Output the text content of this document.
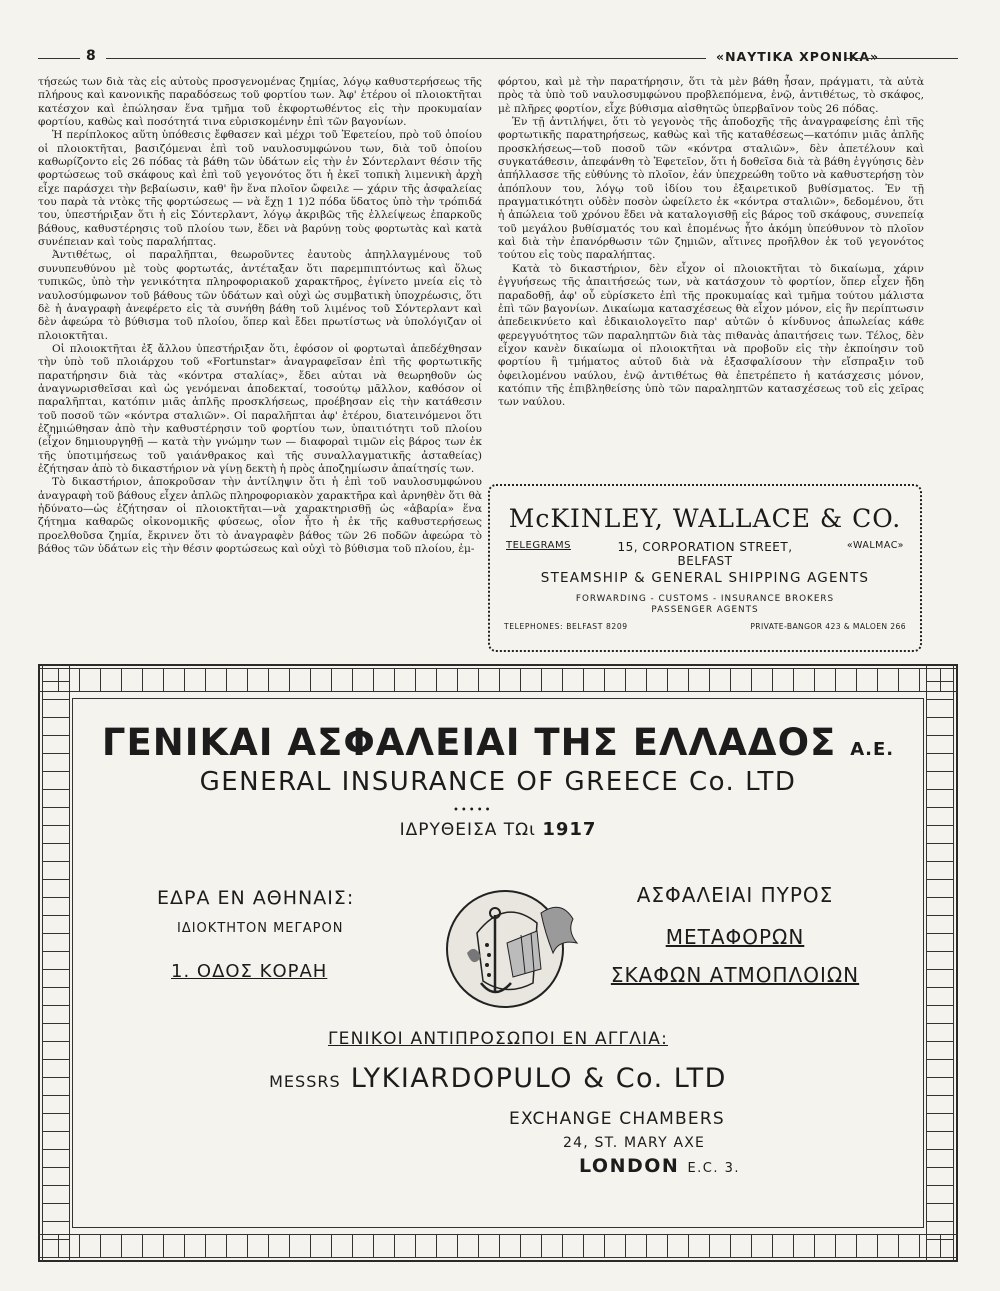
8	«ΝΑΥΤΙΚΑ ΧΡΟΝΙΚΑ»

τήσεώς των διὰ τὰς εἰς αὐτοὺς προσγενομένας ζημίας, λόγῳ καθυστερήσεως τῆς πλήρους καὶ κανονικῆς παραδόσεως τοῦ φορτίου των. Ἀφ' ἑτέρου οἱ πλοιοκτῆται κατέσχον καὶ ἐπώλησαν ἕνα τμῆμα τοῦ ἐκφορτωθέντος εἰς τὴν προκυμαίαν φορτίου, καθὼς καὶ ποσότητά τινα εὑρισκομένην ἐπὶ τῶν βαγονίων.

Ἡ περίπλοκος αὕτη ὑπόθεσις ἔφθασεν καὶ μέχρι τοῦ Ἐφετείου, πρὸ τοῦ ὁποίου οἱ πλοιοκτῆται, βασιζόμεναι ἐπὶ τοῦ ναυλοσυμφώνου των, διὰ τοῦ ὁποίου καθωρίζοντο εἰς 26 πόδας τὰ βάθη τῶν ὑδάτων εἰς τὴν ἐν Σόντερλαντ θέσιν τῆς φορτώσεως τοῦ σκάφους καὶ ἐπὶ τοῦ γεγονότος ὅτι ἡ ἐκεῖ τοπικὴ λιμενικὴ ἀρχὴ εἶχε παράσχει τὴν βεβαίωσιν, καθ' ἣν ἕνα πλοῖον ὤφειλε — χάριν τῆς ἀσφαλείας του παρὰ τὰ ντὸκς τῆς φορτώσεως — νὰ ἔχῃ 1 1)2 πόδα ὕδατος ὑπὸ τὴν τρόπιδά του, ὑπεστήριξαν ὅτι ἡ εἰς Σόντερλαντ, λόγῳ ἀκριβῶς τῆς ἐλλείψεως ἐπαρκοῦς βάθους, καθυστέρησις τοῦ πλοίου των, ἔδει νὰ βαρύνῃ τοὺς φορτωτὰς καὶ κατὰ συνέπειαν καὶ τοὺς παραλήπτας.

Ἀντιθέτως, οἱ παραλῆπται, θεωροῦντες ἑαυτοὺς ἀπηλλαγμένους τοῦ συνυπευθύνου μὲ τοὺς φορτωτάς, ἀντέταξαν ὅτι παρεμπιπτόντως καὶ ὅλως τυπικῶς, ὑπὸ τὴν γενικότητα πληροφοριακοῦ χαρακτῆρος, ἐγίνετο μνεία εἰς τὸ ναυλοσύμφωνον τοῦ βάθους τῶν ὑδάτων καὶ οὐχὶ ὡς συμβατικὴ ὑποχρέωσις, ὅτι δὲ ἡ ἀναγραφὴ ἀνεφέρετο εἰς τὰ συνήθη βάθη τοῦ λιμένος τοῦ Σόντερλαντ καὶ δὲν ἀφεώρα τὸ βύθισμα τοῦ πλοίου, ὅπερ καὶ ἔδει πρωτίστως νὰ ὑπολόγιζαν οἱ πλοιοκτῆται.

Οἱ πλοιοκτῆται ἐξ ἄλλου ὑπεστήριξαν ὅτι, ἐφόσον οἱ φορτωταὶ ἀπεδέχθησαν τὴν ὑπὸ τοῦ πλοιάρχου τοῦ «Fortunstar» ἀναγραφεῖσαν ἐπὶ τῆς φορτωτικῆς παρατήρησιν διὰ τὰς «κόντρα σταλίας», ἔδει αὐται νὰ θεωρηθοῦν ὡς ἀναγνωρισθεῖσαι καὶ ὡς γενόμεναι ἀποδεκταί, τοσούτῳ μᾶλλον, καθόσον οἱ παραλῆπται, κατόπιν μιᾶς ἁπλῆς προσκλήσεως, προέβησαν εἰς τὴν κατάθεσιν τοῦ ποσοῦ τῶν «κόντρα σταλιῶν». Οἱ παραλῆπται ἀφ' ἑτέρου, διατεινόμενοι ὅτι ἐζημιώθησαν ἀπὸ τὴν καθυστέρησιν τοῦ φορτίου των, ὑπαιτιότητι τοῦ πλοίου (εἶχον δημιουργηθῇ — κατὰ τὴν γνώμην των — διαφοραὶ τιμῶν εἰς βάρος των ἐκ τῆς ὑποτιμήσεως τοῦ γαιάνθρακος καὶ τῆς συναλλαγματικῆς ἀσταθείας) ἐζήτησαν ἀπὸ τὸ δικαστήριον νὰ γίνῃ δεκτὴ ἡ πρὸς ἀποζημίωσιν ἀπαίτησίς των.

Τὸ δικαστήριον, ἀποκροῦσαν τὴν ἀντίληψιν ὅτι ἡ ἐπὶ τοῦ ναυλοσυμφώνου ἀναγραφὴ τοῦ βάθους εἶχεν ἁπλῶς πληροφοριακὸν χαρακτῆρα καὶ ἀρνηθὲν ὅτι θὰ ἠδύνατο—ὡς ἐζήτησαν οἱ πλοιοκτῆται—νὰ χαρακτηρισθῇ ὡς «ἀβαρία» ἕνα ζήτημα καθαρῶς οἰκονομικῆς φύσεως, οἷον ἦτο ἡ ἐκ τῆς καθυστερήσεως προελθοῦσα ζημία, ἔκρινεν ὅτι τὸ ἀναγραφὲν βάθος τῶν 26 ποδῶν ἀφεώρα τὸ βάθος τῶν ὑδάτων εἰς τὴν θέσιν φορτώσεως καὶ οὐχὶ τὸ βύθισμα τοῦ πλοίου, ἐμ-

φόρτου, καὶ μὲ τὴν παρατήρησιν, ὅτι τὰ μὲν βάθη ἦσαν, πράγματι, τὰ αὐτὰ πρὸς τὰ ὑπὸ τοῦ ναυλοσυμφώνου προβλεπόμενα, ἐνῷ, ἀντιθέτως, τὸ σκάφος, μὲ πλῆρες φορτίον, εἶχε βύθισμα αἰσθητῶς ὑπερβαῖνον τοὺς 26 πόδας.

Ἐν τῇ ἀντιλήψει, ὅτι τὸ γεγονὸς τῆς ἀποδοχῆς τῆς ἀναγραφείσης ἐπὶ τῆς φορτωτικῆς παρατηρήσεως, καθὼς καὶ τῆς καταθέσεως—κατόπιν μιᾶς ἁπλῆς προσκλήσεως—τοῦ ποσοῦ τῶν «κόντρα σταλιῶν», δὲν ἀπετέλουν καὶ συγκατάθεσιν, ἀπεφάνθη τὸ Ἐφετεῖον, ὅτι ἡ δοθεῖσα διὰ τὰ βάθη ἐγγύησις δὲν ἀπήλλασσε τῆς εὐθύνης τὸ πλοῖον, ἐάν ὑπεχρεώθη τοῦτο νὰ καθυστερήσῃ τὸν ἀπόπλουν του, λόγῳ τοῦ ἰδίου του ἐξαιρετικοῦ βυθίσματος. Ἐν τῇ πραγματικότητι οὐδὲν ποσὸν ὠφείλετο ἐκ «κόντρα σταλιῶν», δεδομένου, ὅτι ἡ ἀπώλεια τοῦ χρόνου ἔδει νὰ καταλογισθῇ εἰς βάρος τοῦ σκάφους, συνεπείᾳ τοῦ μεγάλου βυθίσματός του καὶ ἑπομένως ἦτο ἀκόμη ὑπεύθυνον τὸ πλοῖον καὶ διὰ τὴν ἐπανόρθωσιν τῶν ζημιῶν, αἵτινες προῆλθον ἐκ τοῦ γεγονότος τούτου εἰς τοὺς παραλήπτας.

Κατὰ τὸ δικαστήριον, δὲν εἶχον οἱ πλοιοκτῆται τὸ δικαίωμα, χάριν ἐγγυήσεως τῆς ἀπαιτήσεώς των, νὰ κατάσχουν τὸ φορτίον, ὅπερ εἶχεν ἤδη παραδοθῇ, ἀφ' οὗ εὑρίσκετο ἐπὶ τῆς προκυμαίας καὶ τμῆμα τούτου μάλιστα ἐπὶ τῶν βαγονίων. Δικαίωμα κατασχέσεως θὰ εἶχον μόνον, εἰς ἣν περίπτωσιν ἀπεδεικνύετο καὶ ἐδικαιολογεῖτο παρ' αὐτῶν ὁ κίνδυνος ἀπωλείας κάθε φερεγγυότητος τῶν παραληπτῶν διὰ τὰς πιθανὰς ἀπαιτήσεις των. Τέλος, δὲν εἶχον κανὲν δικαίωμα οἱ πλοιοκτῆται νὰ προβοῦν εἰς τὴν ἐκποίησιν τοῦ φορτίου ἢ τμήματος αὐτοῦ διὰ νὰ ἐξασφαλίσουν τὴν εἴσπραξιν τοῦ ὀφειλομένου ναύλου, ἐνῷ ἀντιθέτως θὰ ἐπετρέπετο ἡ κατάσχεσις μόνον, κατόπιν τῆς ἐπιβληθείσης ὑπὸ τῶν παραληπτῶν κατασχέσεως τοῦ εἰς χεῖρας των ναύλου.

McKINLEY, WALLACE & CO.
TELEGRAMS	15, CORPORATION STREET, BELFAST
«WALMAC»
STEAMSHIP & GENERAL SHIPPING AGENTS
FORWARDING - CUSTOMS - INSURANCE BROKERS
PASSENGER AGENTS
TELEPHONES: BELFAST 8209	PRIVATE-BANGOR 423 & MALOEN 266
ΓΕΝΙΚΑΙ ΑΣΦΑΛΕΙΑΙ ΤΗΣ ΕΛΛΑΔΟΣ Α.Ε.
GENERAL INSURANCE OF GREECE Co. LTD
•••••
ΙΔΡΥΘΕΙΣΑ ΤΩι 1917
ΕΔΡΑ ΕΝ ΑΘΗΝΑΙΣ:
ΙΔΙΟΚΤΗΤΟΝ ΜΕΓΑΡΟΝ
1. ΟΔΟΣ ΚΟΡΑΗ
ΑΣΦΑΛΕΙΑΙ ΠΥΡΟΣ
ΜΕΤΑΦΟΡΩΝ
ΣΚΑΦΩΝ ΑΤΜΟΠΛΟΙΩΝ
ΓΕΝΙΚΟΙ ΑΝΤΙΠΡΟΣΩΠΟΙ ΕΝ ΑΓΓΛΙΑ:
MESSRS LYKIARDOPULO & Co. LTD
EXCHANGE CHAMBERS
24, ST. MARY AXE
LONDON E.C. 3.
